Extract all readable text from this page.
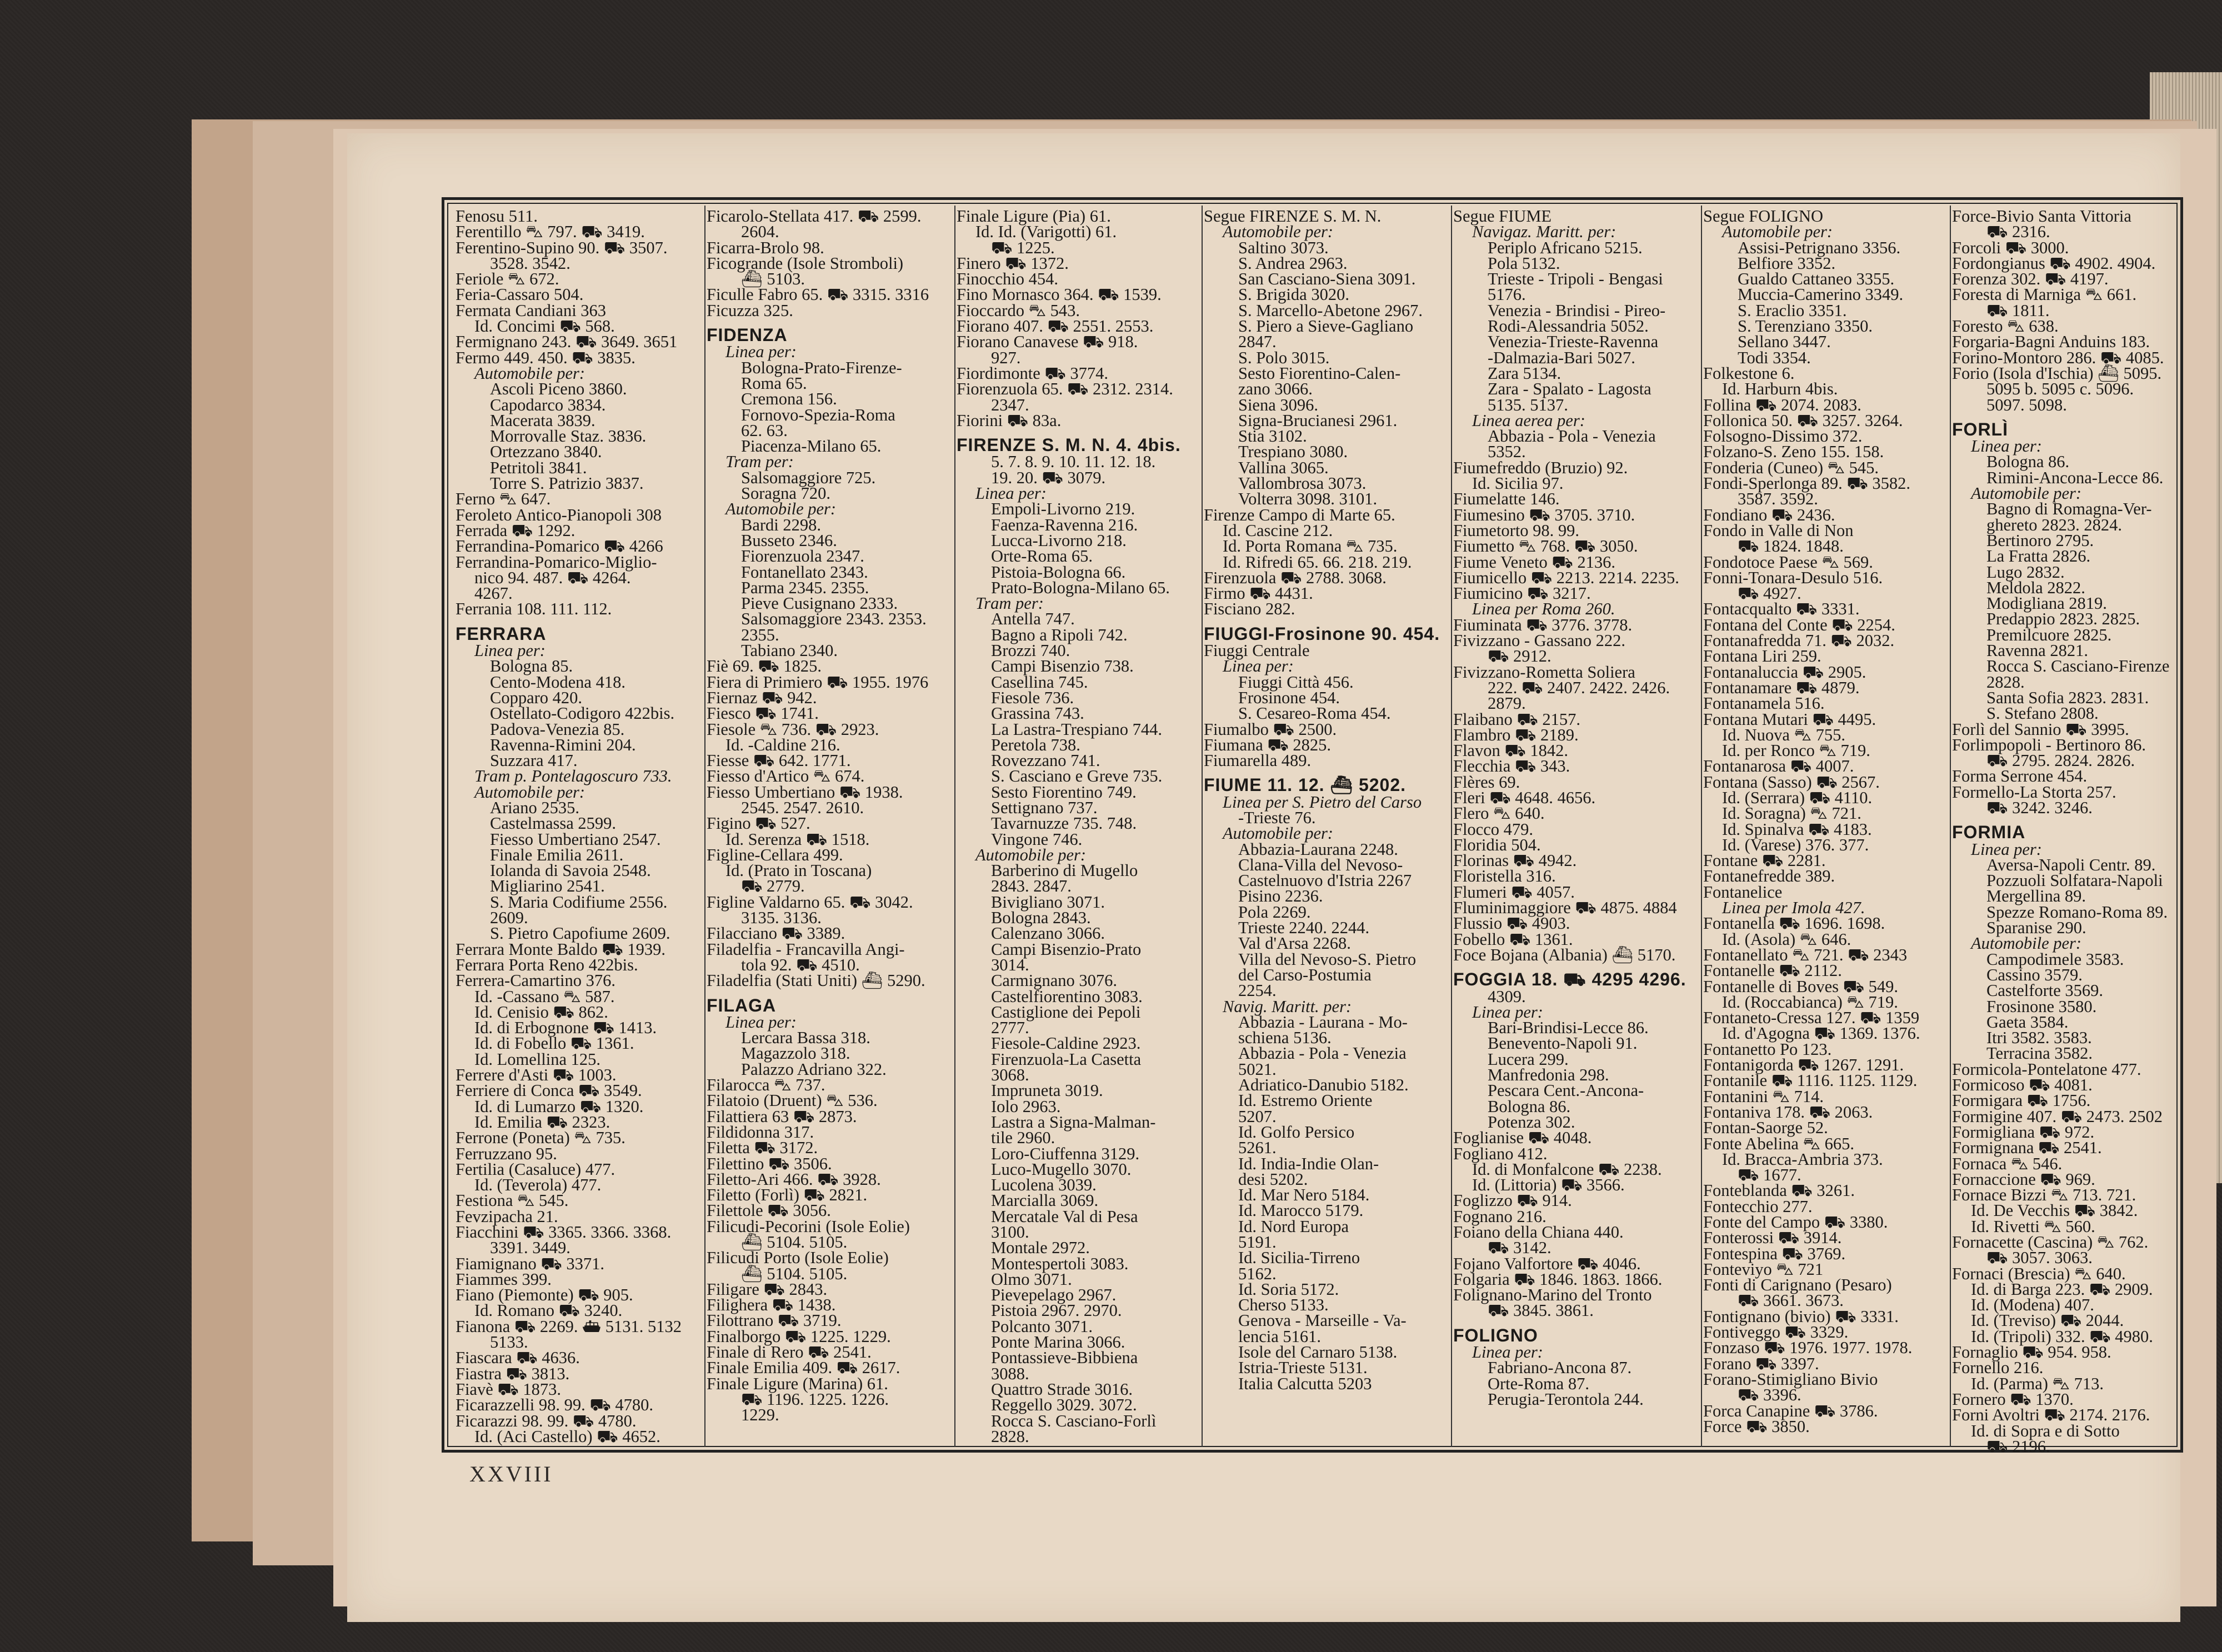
Fenosu 511.
Ferentillo ⛍ 797. ⛟ 3419.
Ferentino-Supino 90. ⛟ 3507.
3528. 3542.
Feriole ⛍ 672.
Feria-Cassaro 504.
Fermata Candiani 363
Id. Concimi ⛟ 568.
Fermignano 243. ⛟ 3649. 3651
Fermo 449. 450. ⛟ 3835.
Automobile per:
Ascoli Piceno 3860.
Capodarco 3834.
Macerata 3839.
Morrovalle Staz. 3836.
Ortezzano 3840.
Petritoli 3841.
Torre S. Patrizio 3837.
Ferno ⛍ 647.
Feroleto Antico-Pianopoli 308
Ferrada ⛟ 1292.
Ferrandina-Pomarico ⛟ 4266
Ferrandina-Pomarico-Miglio-
nico 94. 487. ⛟ 4264.
4267.
Ferrania 108. 111. 112.
FERRARA
Linea per:
Bologna 85.
Cento-Modena 418.
Copparo 420.
Ostellato-Codigoro 422bis.
Padova-Venezia 85.
Ravenna-Rimini 204.
Suzzara 417.
Tram p. Pontelagoscuro 733.
Automobile per:
Ariano 2535.
Castelmassa 2599.
Fiesso Umbertiano 2547.
Finale Emilia 2611.
Iolanda di Savoia 2548.
Migliarino 2541.
S. Maria Codifiume 2556.
2609.
S. Pietro Capofiume 2609.
Ferrara Monte Baldo ⛟ 1939.
Ferrara Porta Reno 422bis.
Ferrera-Camartino 376.
Id. -Cassano ⛍ 587.
Id. Cenisio ⛟ 862.
Id. di Erbognone ⛟ 1413.
Id. di Fobello ⛟ 1361.
Id. Lomellina 125.
Ferrere d'Asti ⛟ 1003.
Ferriere di Conca ⛟ 3549.
Id. di Lumarzo ⛟ 1320.
Id. Emilia ⛟ 2323.
Ferrone (Poneta) ⛍ 735.
Ferruzzano 95.
Fertilia (Casaluce) 477.
Id. (Teverola) 477.
Festiona ⛍ 545.
Fevzipacha 21.
Fiacchini ⛟ 3365. 3366. 3368.
3391. 3449.
Fiamignano ⛟ 3371.
Fiammes 399.
Fiano (Piemonte) ⛟ 905.
Id. Romano ⛟ 3240.
Fianona ⛟ 2269. ⛴ 5131. 5132
5133.
Fiascara ⛟ 4636.
Fiastra ⛟ 3813.
Fiavè ⛟ 1873.
Ficarazzelli 98. 99. ⛟ 4780.
Ficarazzi 98. 99. ⛟ 4780.
Id. (Aci Castello) ⛟ 4652.
Ficarolo-Stellata 417. ⛟ 2599.
2604.
Ficarra-Brolo 98.
Ficogrande (Isole Stromboli)
⛴ 5103.
Ficulle Fabro 65. ⛟ 3315. 3316
Ficuzza 325.
FIDENZA
Linea per:
Bologna-Prato-Firenze-
Roma 65.
Cremona 156.
Fornovo-Spezia-Roma
62. 63.
Piacenza-Milano 65.
Tram per:
Salsomaggiore 725.
Soragna 720.
Automobile per:
Bardi 2298.
Busseto 2346.
Fiorenzuola 2347.
Fontanellato 2343.
Parma 2345. 2355.
Pieve Cusignano 2333.
Salsomaggiore 2343. 2353.
2355.
Tabiano 2340.
Fiè 69. ⛟ 1825.
Fiera di Primiero ⛟ 1955. 1976
Fiernaz ⛟ 942.
Fiesco ⛟ 1741.
Fiesole ⛍ 736. ⛟ 2923.
Id. -Caldine 216.
Fiesse ⛟ 642. 1771.
Fiesso d'Artico ⛍ 674.
Fiesso Umbertiano ⛟ 1938.
2545. 2547. 2610.
Figino ⛟ 527.
Id. Serenza ⛟ 1518.
Figline-Cellara 499.
Id. (Prato in Toscana)
⛟ 2779.
Figline Valdarno 65. ⛟ 3042.
3135. 3136.
Filacciano ⛟ 3389.
Filadelfia - Francavilla Angi-
tola 92. ⛟ 4510.
Filadelfia (Stati Uniti) ⛴ 5290.
FILAGA
Linea per:
Lercara Bassa 318.
Magazzolo 318.
Palazzo Adriano 322.
Filarocca ⛍ 737.
Filatoio (Druent) ⛍ 536.
Filattiera 63 ⛟ 2873.
Fildidonna 317.
Filetta ⛟ 3172.
Filettino ⛟ 3506.
Filetto-Ari 466. ⛟ 3928.
Filetto (Forlì) ⛟ 2821.
Filettole ⛟ 3056.
Filicudi-Pecorini (Isole Eolie)
⛴ 5104. 5105.
Filicudi Porto (Isole Eolie)
⛴ 5104. 5105.
Filigare ⛟ 2843.
Filighera ⛟ 1438.
Filottrano ⛟ 3719.
Finalborgo ⛟ 1225. 1229.
Finale di Rero ⛟ 2541.
Finale Emilia 409. ⛟ 2617.
Finale Ligure (Marina) 61.
⛟ 1196. 1225. 1226.
1229.
Finale Ligure (Pia) 61.
Id. Id. (Varigotti) 61.
⛟ 1225.
Finero ⛟ 1372.
Finocchio 454.
Fino Mornasco 364. ⛟ 1539.
Fioccardo ⛍ 543.
Fiorano 407. ⛟ 2551. 2553.
Fiorano Canavese ⛟ 918.
927.
Fiordimonte ⛟ 3774.
Fiorenzuola 65. ⛟ 2312. 2314.
2347.
Fiorini ⛟ 83a.
FIRENZE S. M. N. 4. 4bis.
5. 7. 8. 9. 10. 11. 12. 18.
19. 20. ⛟ 3079.
Linea per:
Empoli-Livorno 219.
Faenza-Ravenna 216.
Lucca-Livorno 218.
Orte-Roma 65.
Pistoia-Bologna 66.
Prato-Bologna-Milano 65.
Tram per:
Antella 747.
Bagno a Ripoli 742.
Brozzi 740.
Campi Bisenzio 738.
Casellina 745.
Fiesole 736.
Grassina 743.
La Lastra-Trespiano 744.
Peretola 738.
Rovezzano 741.
S. Casciano e Greve 735.
Sesto Fiorentino 749.
Settignano 737.
Tavarnuzze 735. 748.
Vingone 746.
Automobile per:
Barberino di Mugello
2843. 2847.
Bivigliano 3071.
Bologna 2843.
Calenzano 3066.
Campi Bisenzio-Prato
3014.
Carmignano 3076.
Castelfiorentino 3083.
Castiglione dei Pepoli
2777.
Fiesole-Caldine 2923.
Firenzuola-La Casetta
3068.
Impruneta 3019.
Iolo 2963.
Lastra a Signa-Malman-
tile 2960.
Loro-Ciuffenna 3129.
Luco-Mugello 3070.
Lucolena 3039.
Marcialla 3069.
Mercatale Val di Pesa
3100.
Montale 2972.
Montespertoli 3083.
Olmo 3071.
Pievepelago 2967.
Pistoia 2967. 2970.
Polcanto 3071.
Ponte Marina 3066.
Pontassieve-Bibbiena
3088.
Quattro Strade 3016.
Reggello 3029. 3072.
Rocca S. Casciano-Forlì
2828.
Segue FIRENZE S. M. N.
Automobile per:
Saltino 3073.
S. Andrea 2963.
San Casciano-Siena 3091.
S. Brigida 3020.
S. Marcello-Abetone 2967.
S. Piero a Sieve-Gagliano
2847.
S. Polo 3015.
Sesto Fiorentino-Calen-
zano 3066.
Siena 3096.
Signa-Brucianesi 2961.
Stia 3102.
Trespiano 3080.
Vallina 3065.
Vallombrosa 3073.
Volterra 3098. 3101.
Firenze Campo di Marte 65.
Id. Cascine 212.
Id. Porta Romana ⛍ 735.
Id. Rifredi 65. 66. 218. 219.
Firenzuola ⛟ 2788. 3068.
Firmo ⛟ 4431.
Fisciano 282.
FIUGGI-Frosinone 90. 454.
Fiuggi Centrale
Linea per:
Fiuggi Città 456.
Frosinone 454.
S. Cesareo-Roma 454.
Fiumalbo ⛟ 2500.
Fiumana ⛟ 2825.
Fiumarella 489.
FIUME 11. 12. ⛴ 5202.
Linea per S. Pietro del Carso
-Trieste 76.
Automobile per:
Abbazia-Laurana 2248.
Clana-Villa del Nevoso-
Castelnuovo d'Istria 2267
Pisino 2236.
Pola 2269.
Trieste 2240. 2244.
Val d'Arsa 2268.
Villa del Nevoso-S. Pietro
del Carso-Postumia
2254.
Navig. Maritt. per:
Abbazia - Laurana - Mo-
schiena 5136.
Abbazia - Pola - Venezia
5021.
Adriatico-Danubio 5182.
Id. Estremo Oriente
5207.
Id. Golfo Persico
5261.
Id. India-Indie Olan-
desi 5202.
Id. Mar Nero 5184.
Id. Marocco 5179.
Id. Nord Europa
5191.
Id. Sicilia-Tirreno
5162.
Id. Soria 5172.
Cherso 5133.
Genova - Marseille - Va-
lencia 5161.
Isole del Carnaro 5138.
Istria-Trieste 5131.
Italia Calcutta 5203
Segue FIUME
Navigaz. Maritt. per:
Periplo Africano 5215.
Pola 5132.
Trieste - Tripoli - Bengasi
5176.
Venezia - Brindisi - Pireo-
Rodi-Alessandria 5052.
Venezia-Trieste-Ravenna
-Dalmazia-Bari 5027.
Zara 5134.
Zara - Spalato - Lagosta
5135. 5137.
Linea aerea per:
Abbazia - Pola - Venezia
5352.
Fiumefreddo (Bruzio) 92.
Id. Sicilia 97.
Fiumelatte 146.
Fiumesino ⛟ 3705. 3710.
Fiumetorto 98. 99.
Fiumetto ⛍ 768. ⛟ 3050.
Fiume Veneto ⛟ 2136.
Fiumicello ⛟ 2213. 2214. 2235.
Fiumicino ⛟ 3217.
Linea per Roma 260.
Fiuminata ⛟ 3776. 3778.
Fivizzano - Gassano 222.
⛟ 2912.
Fivizzano-Rometta Soliera
222. ⛟ 2407. 2422. 2426.
2879.
Flaibano ⛟ 2157.
Flambro ⛟ 2189.
Flavon ⛟ 1842.
Flecchia ⛟ 343.
Flères 69.
Fleri ⛟ 4648. 4656.
Flero ⛍ 640.
Flocco 479.
Floridia 504.
Florinas ⛟ 4942.
Floristella 316.
Flumeri ⛟ 4057.
Fluminimaggiore ⛟ 4875. 4884
Flussio ⛟ 4903.
Fobello ⛟ 1361.
Foce Bojana (Albania) ⛴ 5170.
FOGGIA 18. ⛟ 4295 4296.
4309.
Linea per:
Bari-Brindisi-Lecce 86.
Benevento-Napoli 91.
Lucera 299.
Manfredonia 298.
Pescara Cent.-Ancona-
Bologna 86.
Potenza 302.
Foglianise ⛟ 4048.
Fogliano 412.
Id. di Monfalcone ⛟ 2238.
Id. (Littoria) ⛟ 3566.
Foglizzo ⛟ 914.
Fognano 216.
Foiano della Chiana 440.
⛟ 3142.
Fojano Valfortore ⛟ 4046.
Folgaria ⛟ 1846. 1863. 1866.
Folignano-Marino del Tronto
⛟ 3845. 3861.
FOLIGNO
Linea per:
Fabriano-Ancona 87.
Orte-Roma 87.
Perugia-Terontola 244.
Segue FOLIGNO
Automobile per:
Assisi-Petrignano 3356.
Belfiore 3352.
Gualdo Cattaneo 3355.
Muccia-Camerino 3349.
S. Eraclio 3351.
S. Terenziano 3350.
Sellano 3447.
Todi 3354.
Folkestone 6.
Id. Harburn 4bis.
Follina ⛟ 2074. 2083.
Follonica 50. ⛟ 3257. 3264.
Folsogno-Dissimo 372.
Folzano-S. Zeno 155. 158.
Fonderia (Cuneo) ⛍ 545.
Fondi-Sperlonga 89. ⛟ 3582.
3587. 3592.
Fondiano ⛟ 2436.
Fondo in Valle di Non
⛟ 1824. 1848.
Fondotoce Paese ⛍ 569.
Fonni-Tonara-Desulo 516.
⛟ 4927.
Fontacqualto ⛟ 3331.
Fontana del Conte ⛟ 2254.
Fontanafredda 71. ⛟ 2032.
Fontana Liri 259.
Fontanaluccia ⛟ 2905.
Fontanamare ⛟ 4879.
Fontanamela 516.
Fontana Mutari ⛟ 4495.
Id. Nuova ⛍ 755.
Id. per Ronco ⛍ 719.
Fontanarosa ⛟ 4007.
Fontana (Sasso) ⛟ 2567.
Id. (Serrara) ⛟ 4110.
Id. Soragna) ⛍ 721.
Id. Spinalva ⛟ 4183.
Id. (Varese) 376. 377.
Fontane ⛟ 2281.
Fontanefredde 389.
Fontanelice
Linea per Imola 427.
Fontanella ⛟ 1696. 1698.
Id. (Asola) ⛍ 646.
Fontanellato ⛍ 721. ⛟ 2343
Fontanelle ⛟ 2112.
Fontanelle di Boves ⛟ 549.
Id. (Roccabianca) ⛍ 719.
Fontaneto-Cressa 127. ⛟ 1359
Id. d'Agogna ⛟ 1369. 1376.
Fontanetto Po 123.
Fontanigorda ⛟ 1267. 1291.
Fontanile ⛟ 1116. 1125. 1129.
Fontanini ⛍ 714.
Fontaniva 178. ⛟ 2063.
Fontan-Saorge 52.
Fonte Abelina ⛍ 665.
Id. Bracca-Ambria 373.
⛟ 1677.
Fonteblanda ⛟ 3261.
Fontecchio 277.
Fonte del Campo ⛟ 3380.
Fonterossi ⛟ 3914.
Fontespina ⛟ 3769.
Fonteviyo ⛍ 721
Fonti di Carignano (Pesaro)
⛟ 3661. 3673.
Fontignano (bivio) ⛟ 3331.
Fontiveggo ⛟ 3329.
Fonzaso ⛟ 1976. 1977. 1978.
Forano ⛟ 3397.
Forano-Stimigliano Bivio
⛟ 3396.
Forca Canapine ⛟ 3786.
Force ⛟ 3850.
Force-Bivio Santa Vittoria
⛟ 2316.
Forcoli ⛟ 3000.
Fordongianus ⛟ 4902. 4904.
Forenza 302. ⛟ 4197.
Foresta di Marniga ⛍ 661.
⛟ 1811.
Foresto ⛍ 638.
Forgaria-Bagni Anduins 183.
Forino-Montoro 286. ⛟ 4085.
Forio (Isola d'Ischia) ⛴ 5095.
5095 b. 5095 c. 5096.
5097. 5098.
FORLÌ
Linea per:
Bologna 86.
Rimini-Ancona-Lecce 86.
Automobile per:
Bagno di Romagna-Ver-
ghereto 2823. 2824.
Bertinoro 2795.
La Fratta 2826.
Lugo 2832.
Meldola 2822.
Modigliana 2819.
Predappio 2823. 2825.
Premilcuore 2825.
Ravenna 2821.
Rocca S. Casciano-Firenze
2828.
Santa Sofia 2823. 2831.
S. Stefano 2808.
Forlì del Sannio ⛟ 3995.
Forlimpopoli - Bertinoro 86.
⛟ 2795. 2824. 2826.
Forma Serrone 454.
Formello-La Storta 257.
⛟ 3242. 3246.
FORMIA
Linea per:
Aversa-Napoli Centr. 89.
Pozzuoli Solfatara-Napoli
Mergellina 89.
Spezze Romano-Roma 89.
Sparanise 290.
Automobile per:
Campodimele 3583.
Cassino 3579.
Castelforte 3569.
Frosinone 3580.
Gaeta 3584.
Itri 3582. 3583.
Terracina 3582.
Formicola-Pontelatone 477.
Formicoso ⛟ 4081.
Formigara ⛟ 1756.
Formigine 407. ⛟ 2473. 2502
Formigliana ⛟ 972.
Formignana ⛟ 2541.
Fornaca ⛍ 546.
Fornaccione ⛟ 969.
Fornace Bizzi ⛍ 713. 721.
Id. De Vecchis ⛟ 3842.
Id. Rivetti ⛍ 560.
Fornacette (Cascina) ⛍ 762.
⛟ 3057. 3063.
Fornaci (Brescia) ⛍ 640.
Id. di Barga 223. ⛟ 2909.
Id. (Modena) 407.
Id. (Treviso) ⛟ 2044.
Id. (Tripoli) 332. ⛟ 4980.
Fornaglio ⛟ 954. 958.
Fornello 216.
Id. (Parma) ⛍ 713.
Fornero ⛟ 1370.
Forni Avoltri ⛟ 2174. 2176.
Id. di Sopra e di Sotto
⛟ 2196.
XXVIII
